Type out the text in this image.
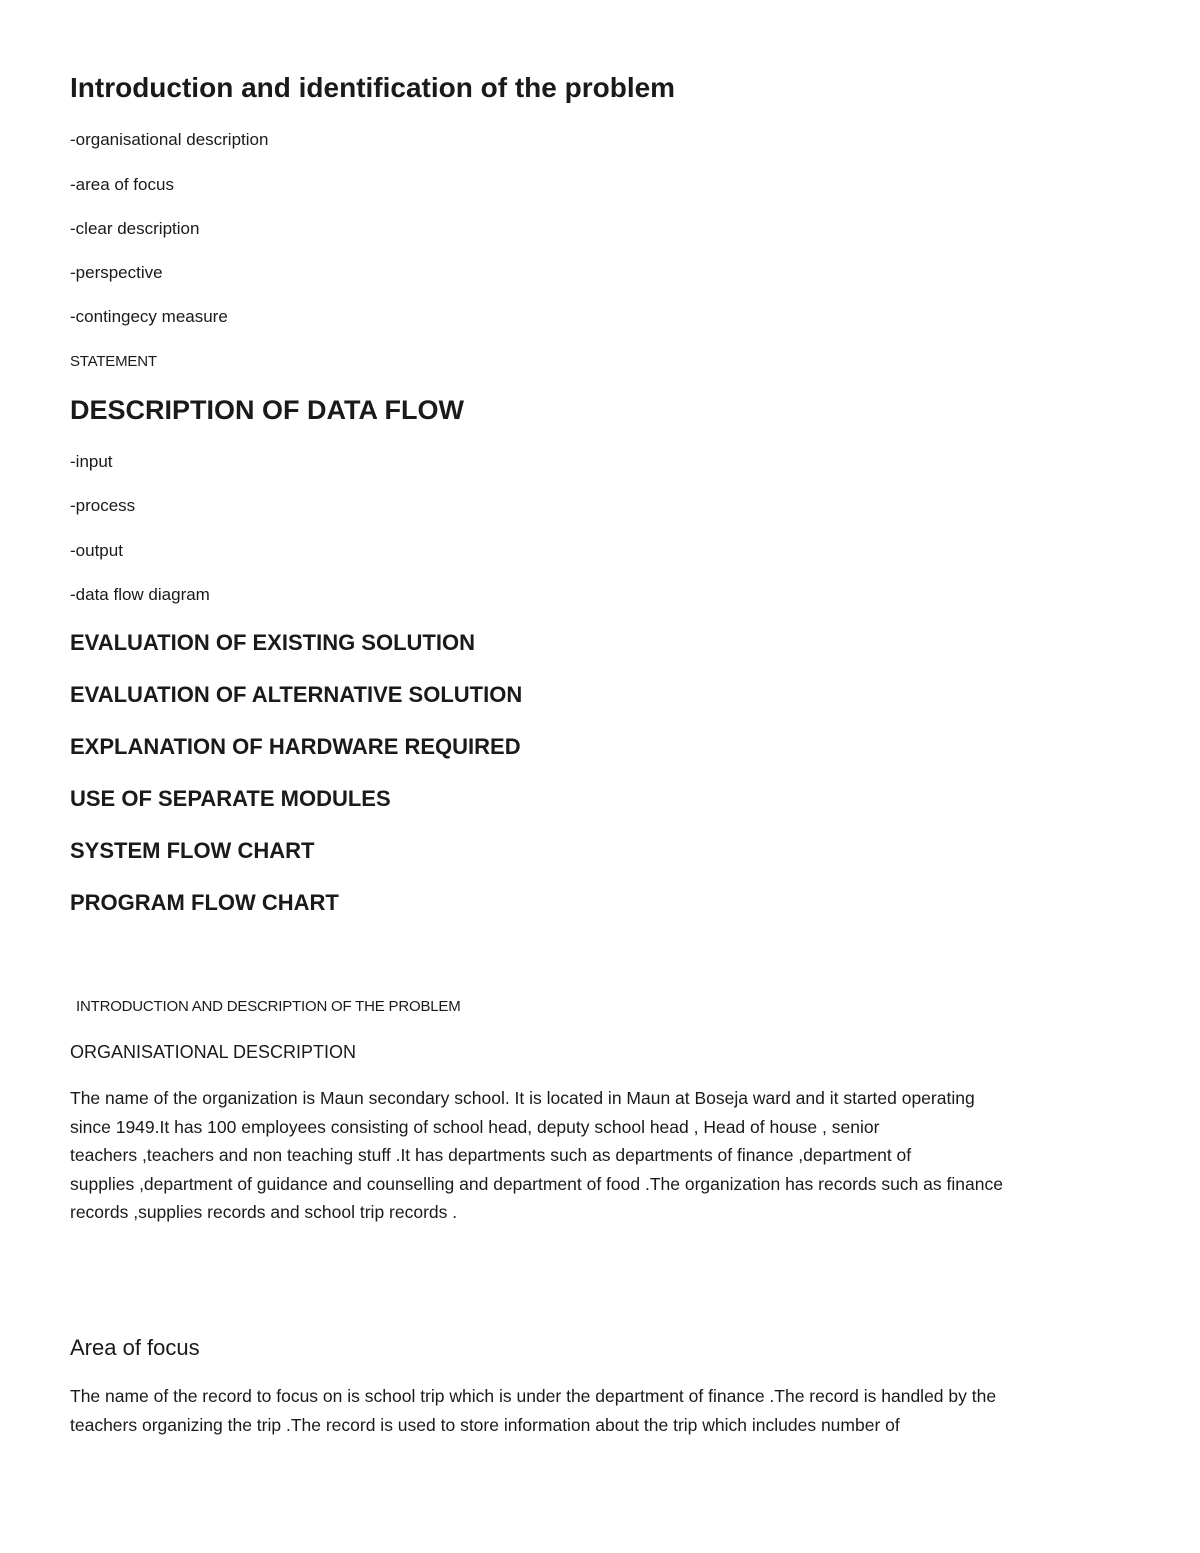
Introduction and identification of the problem

-organisational description

-area of focus

-clear description

-perspective

-contingecy measure

STATEMENT

DESCRIPTION OF DATA FLOW

-input

-process

-output

-data flow diagram

EVALUATION OF EXISTING SOLUTION
EVALUATION OF ALTERNATIVE SOLUTION
EXPLANATION OF HARDWARE REQUIRED
USE OF SEPARATE MODULES
SYSTEM FLOW CHART
PROGRAM FLOW CHART

INTRODUCTION AND DESCRIPTION OF THE PROBLEM

ORGANISATIONAL DESCRIPTION
The name of the organization is Maun secondary school. It is located in Maun at Boseja ward and it started operating
since 1949.It has 100 employees consisting of school head, deputy school head , Head of house , senior
teachers ,teachers and non teaching stuff .It has departments such as departments of finance ,department of
supplies ,department of guidance and counselling and department of food .The organization has records such as finance
records ,supplies records and school trip records .
Area of focus
The name of the record to focus on is school trip which is under the department of finance .The record is handled by the
teachers organizing the trip .The record is used to store information about the trip which includes number of
